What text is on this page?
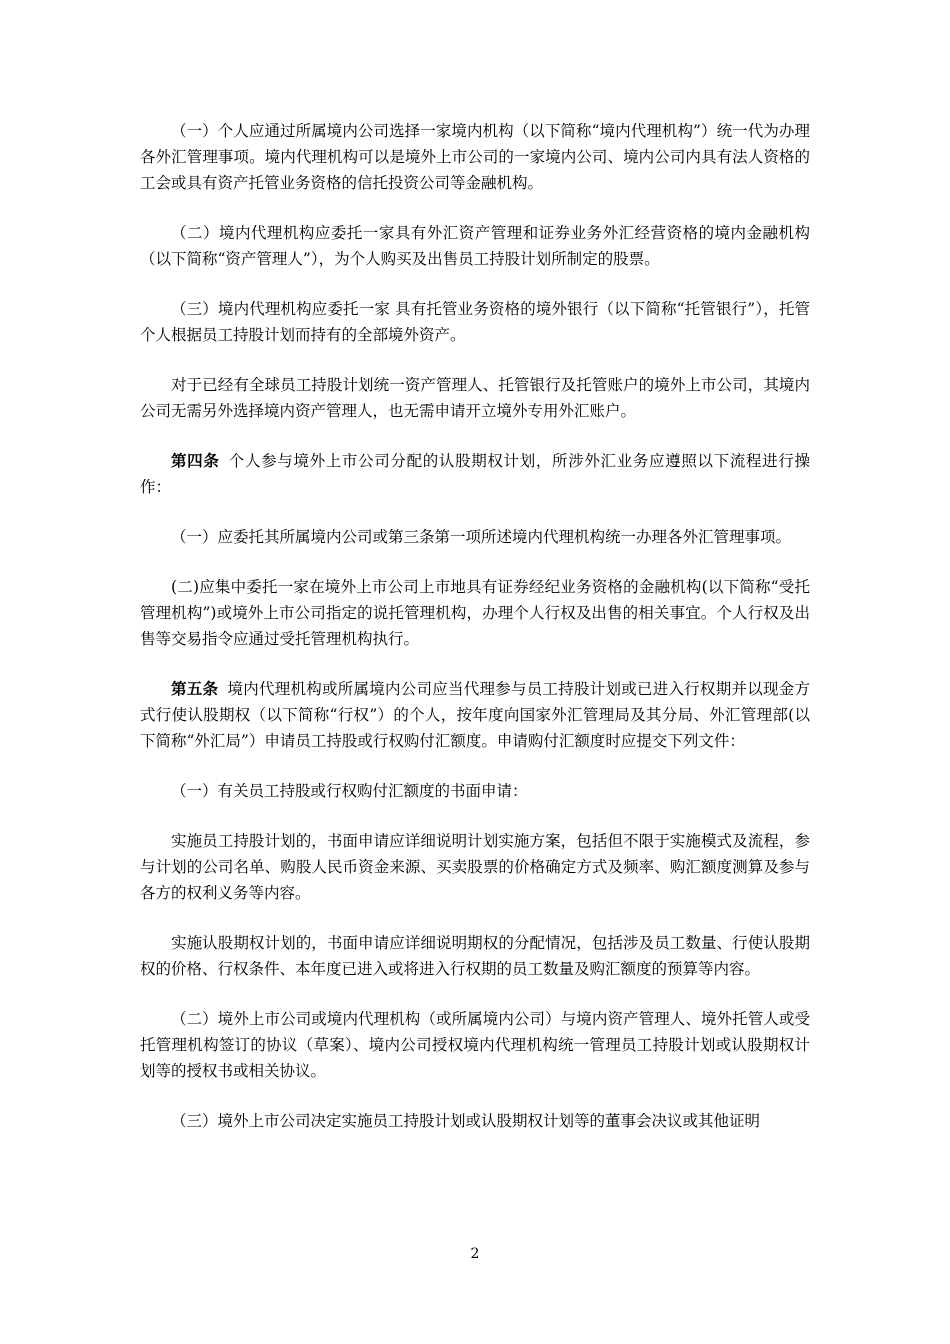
（一）个人应通过所属境内公司选择一家境内机构（以下简称“境内代理机构”）统一代为办理各外汇管理事项。境内代理机构可以是境外上市公司的一家境内公司、境内公司内具有法人资格的工会或具有资产托管业务资格的信托投资公司等金融机构。

（二）境内代理机构应委托一家具有外汇资产管理和证券业务外汇经营资格的境内金融机构（以下简称“资产管理人”），为个人购买及出售员工持股计划所制定的股票。

（三）境内代理机构应委托一家 具有托管业务资格的境外银行（以下简称“托管银行”），托管个人根据员工持股计划而持有的全部境外资产。

对于已经有全球员工持股计划统一资产管理人、托管银行及托管账户的境外上市公司，其境内公司无需另外选择境内资产管理人，也无需申请开立境外专用外汇账户。

第四条 个人参与境外上市公司分配的认股期权计划，所涉外汇业务应遵照以下流程进行操作：

（一）应委托其所属境内公司或第三条第一项所述境内代理机构统一办理各外汇管理事项。

(二)应集中委托一家在境外上市公司上市地具有证券经纪业务资格的金融机构(以下简称“受托管理机构”)或境外上市公司指定的说托管理机构，办理个人行权及出售的相关事宜。个人行权及出售等交易指令应通过受托管理机构执行。

第五条 境内代理机构或所属境内公司应当代理参与员工持股计划或已进入行权期并以现金方式行使认股期权（以下简称“行权”）的个人，按年度向国家外汇管理局及其分局、外汇管理部(以下简称“外汇局”）申请员工持股或行权购付汇额度。申请购付汇额度时应提交下列文件：

（一）有关员工持股或行权购付汇额度的书面申请：

实施员工持股计划的，书面申请应详细说明计划实施方案，包括但不限于实施模式及流程，参与计划的公司名单、购股人民币资金来源、买卖股票的价格确定方式及频率、购汇额度测算及参与各方的权利义务等内容。

实施认股期权计划的，书面申请应详细说明期权的分配情况，包括涉及员工数量、行使认股期权的价格、行权条件、本年度已进入或将进入行权期的员工数量及购汇额度的预算等内容。

（二）境外上市公司或境内代理机构（或所属境内公司）与境内资产管理人、境外托管人或受托管理机构签订的协议（草案）、境内公司授权境内代理机构统一管理员工持股计划或认股期权计划等的授权书或相关协议。

（三）境外上市公司决定实施员工持股计划或认股期权计划等的董事会决议或其他证明

2
